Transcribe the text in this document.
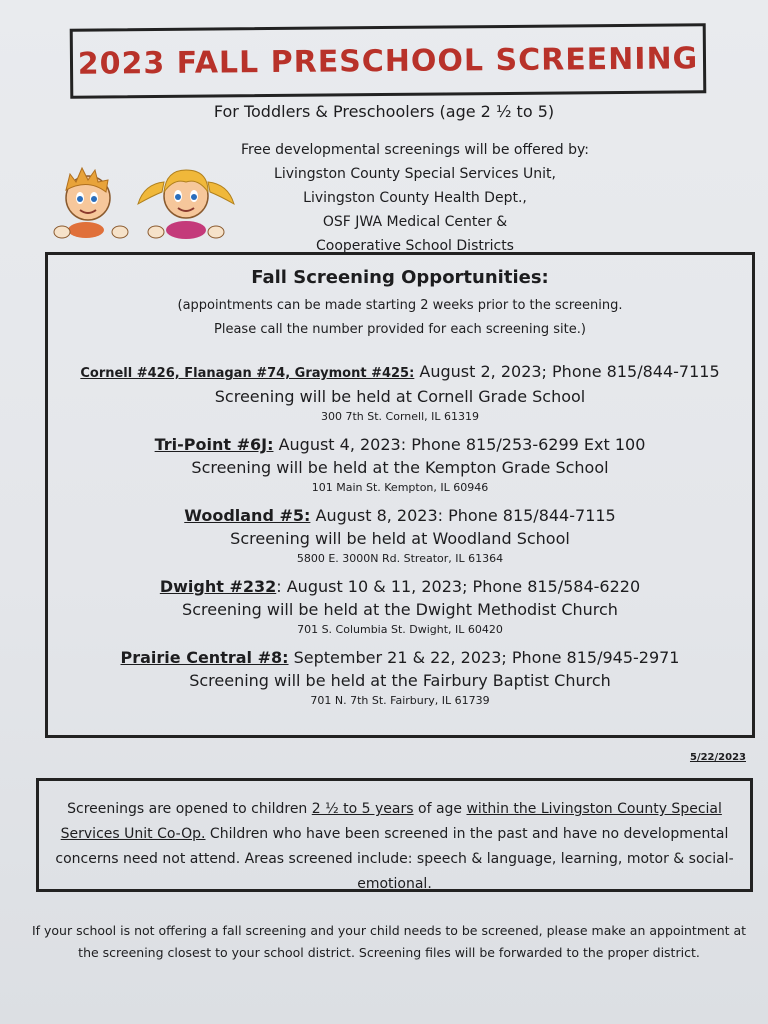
2023 FALL PRESCHOOL SCREENING
For Toddlers & Preschoolers (age 2 ½ to 5)
Free developmental screenings will be offered by:
Livingston County Special Services Unit,
Livingston County Health Dept.,
OSF JWA Medical Center &
Cooperative School Districts
Fall Screening Opportunities:
(appointments can be made starting 2 weeks prior to the screening.
Please call the number provided for each screening site.)
Cornell #426, Flanagan #74, Graymont #425: August 2, 2023; Phone 815/844-7115
Screening will be held at Cornell Grade School
300 7th St. Cornell, IL 61319
Tri-Point #6J: August 4, 2023: Phone 815/253-6299 Ext 100
Screening will be held at the Kempton Grade School
101 Main St. Kempton, IL 60946
Woodland #5: August 8, 2023: Phone 815/844-7115
Screening will be held at Woodland School
5800 E. 3000N Rd. Streator, IL 61364
Dwight #232: August 10 & 11, 2023; Phone 815/584-6220
Screening will be held at the Dwight Methodist Church
701 S. Columbia St. Dwight, IL 60420
Prairie Central #8: September 21 & 22, 2023; Phone 815/945-2971
Screening will be held at the Fairbury Baptist Church
701 N. 7th St. Fairbury, IL 61739
5/22/2023
Screenings are opened to children 2 ½ to 5 years of age within the Livingston County Special Services Unit Co-Op. Children who have been screened in the past and have no developmental concerns need not attend. Areas screened include: speech & language, learning, motor & social-emotional.
If your school is not offering a fall screening and your child needs to be screened, please make an appointment at the screening closest to your school district. Screening files will be forwarded to the proper district.
